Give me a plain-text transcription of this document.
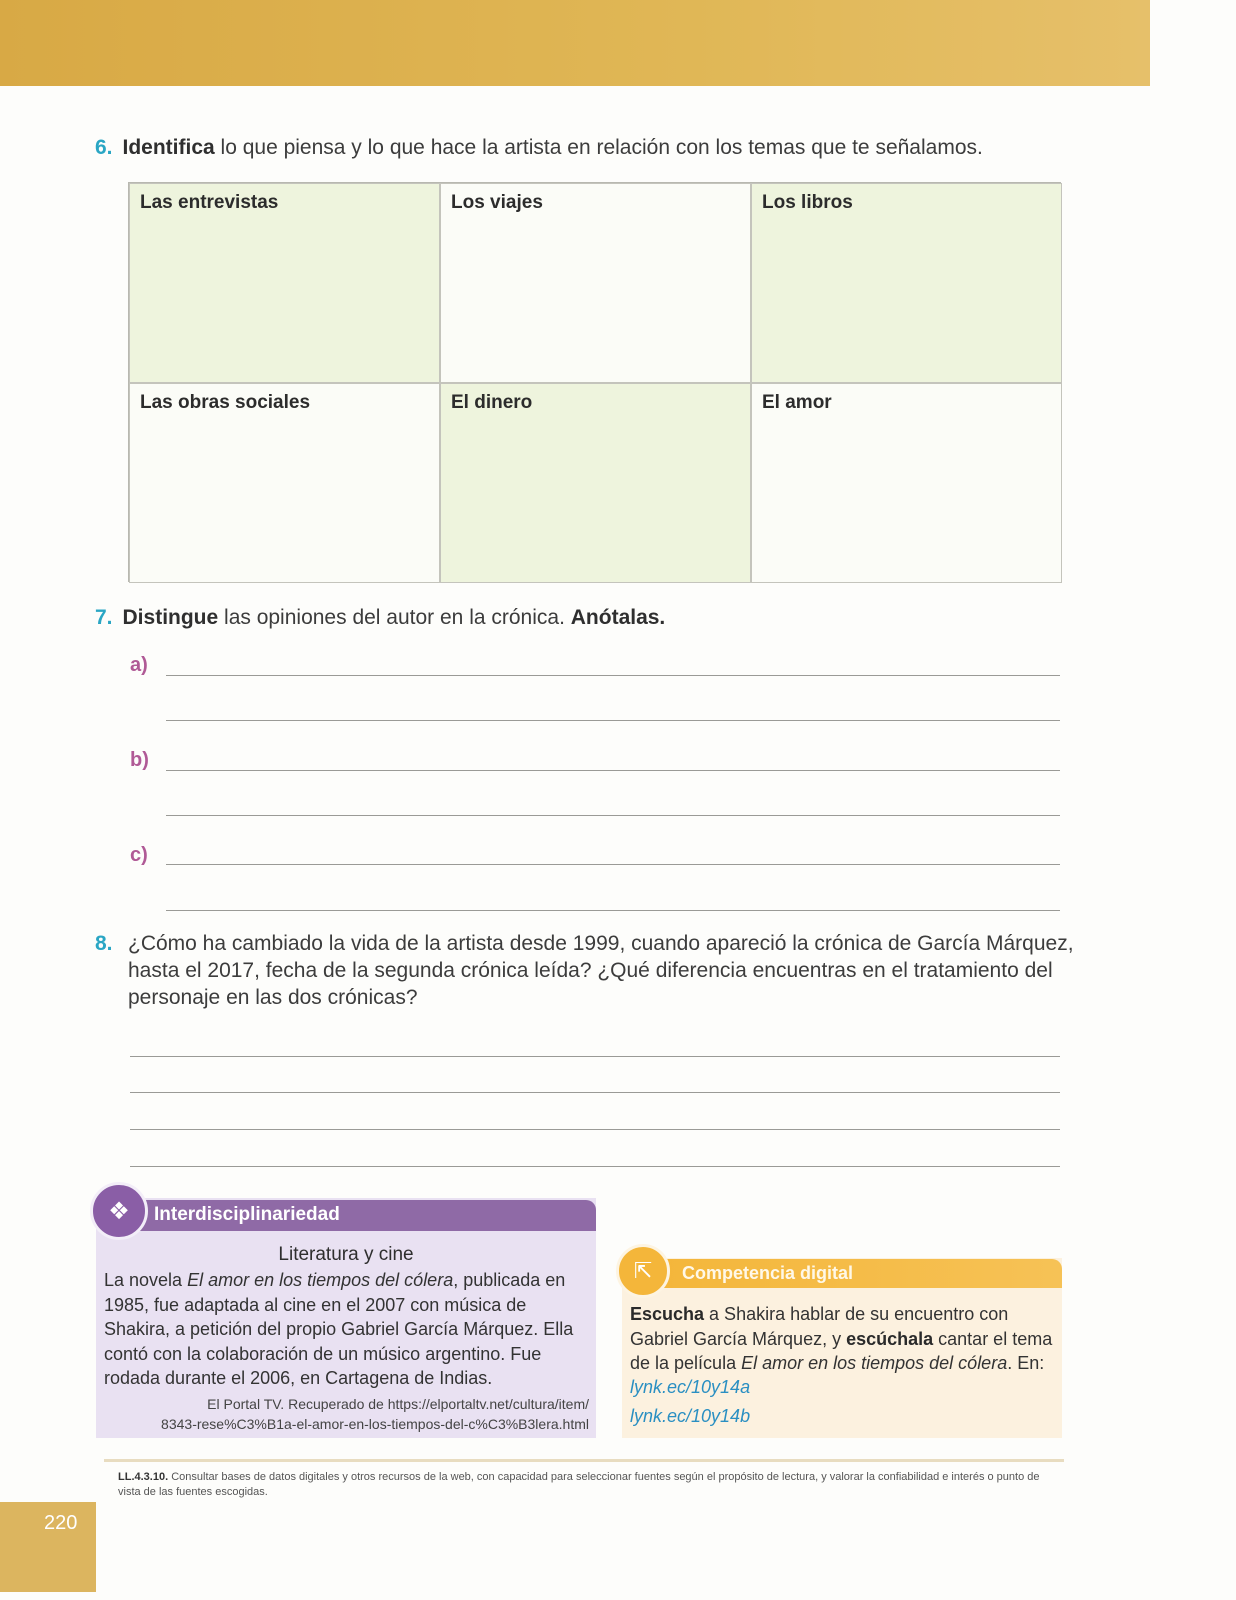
6. Identifica lo que piensa y lo que hace la artista en relación con los temas que te señalamos.
Las entrevistas	Los viajes	Los libros
Las obras sociales	El dinero	El amor
7. Distingue las opiniones del autor en la crónica. Anótalas.
a)
b)
c)
8. ¿Cómo ha cambiado la vida de la artista desde 1999, cuando apareció la crónica de García Márquez, hasta el 2017, fecha de la segunda crónica leída? ¿Qué diferencia encuentras en el tratamiento del personaje en las dos crónicas?
Interdisciplinariedad
❖
Literatura y cine
La novela El amor en los tiempos del cólera, publicada en 1985, fue adaptada al cine en el 2007 con música de Shakira, a petición del propio Gabriel García Márquez. Ella contó con la colaboración de un músico argentino. Fue rodada durante el 2006, en Cartagena de Indias.
El Portal TV. Recuperado de https://elportaltv.net/cultura/item/
8343-rese%C3%B1a-el-amor-en-los-tiempos-del-c%C3%B3lera.html
Competencia digital
⇱
Escucha a Shakira hablar de su encuentro con Gabriel García Márquez, y escúchala cantar el tema de la película El amor en los tiempos del cólera. En:
lynk.ec/10y14a
lynk.ec/10y14b
LL.4.3.10. Consultar bases de datos digitales y otros recursos de la web, con capacidad para seleccionar fuentes según el propósito de lectura, y valorar la confiabilidad e interés o punto de vista de las fuentes escogidas.
220
